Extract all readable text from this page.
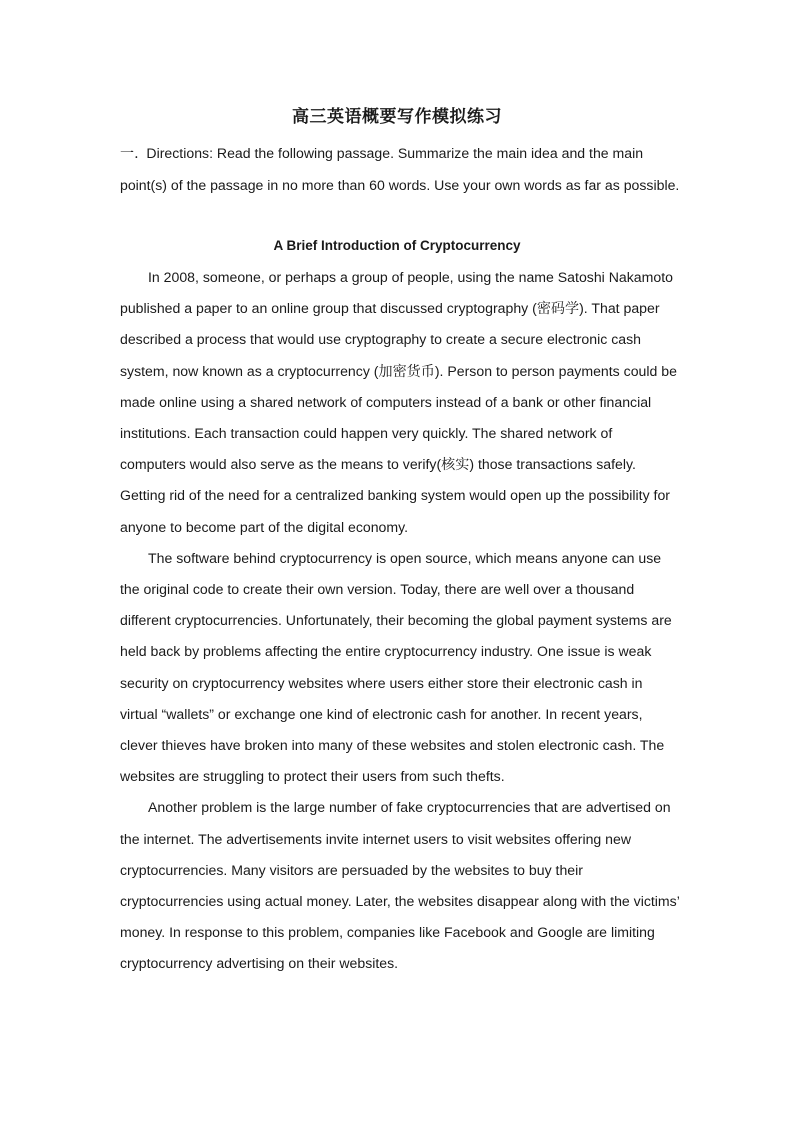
高三英语概要写作模拟练习
一. Directions: Read the following passage. Summarize the main idea and the main point(s) of the passage in no more than 60 words. Use your own words as far as possible.
A Brief Introduction of Cryptocurrency

In 2008, someone, or perhaps a group of people, using the name Satoshi Nakamoto published a paper to an online group that discussed cryptography (密码学). That paper described a process that would use cryptography to create a secure electronic cash system, now known as a cryptocurrency (加密货币). Person to person payments could be made online using a shared network of computers instead of a bank or other financial institutions. Each transaction could happen very quickly. The shared network of computers would also serve as the means to verify(核实) those transactions safely. Getting rid of the need for a centralized banking system would open up the possibility for anyone to become part of the digital economy.

The software behind cryptocurrency is open source, which means anyone can use the original code to create their own version. Today, there are well over a thousand different cryptocurrencies. Unfortunately, their becoming the global payment systems are held back by problems affecting the entire cryptocurrency industry. One issue is weak security on cryptocurrency websites where users either store their electronic cash in virtual “wallets” or exchange one kind of electronic cash for another. In recent years, clever thieves have broken into many of these websites and stolen electronic cash. The websites are struggling to protect their users from such thefts.

Another problem is the large number of fake cryptocurrencies that are advertised on the internet. The advertisements invite internet users to visit websites offering new cryptocurrencies. Many visitors are persuaded by the websites to buy their cryptocurrencies using actual money. Later, the websites disappear along with the victims’ money. In response to this problem, companies like Facebook and Google are limiting cryptocurrency advertising on their websites.
